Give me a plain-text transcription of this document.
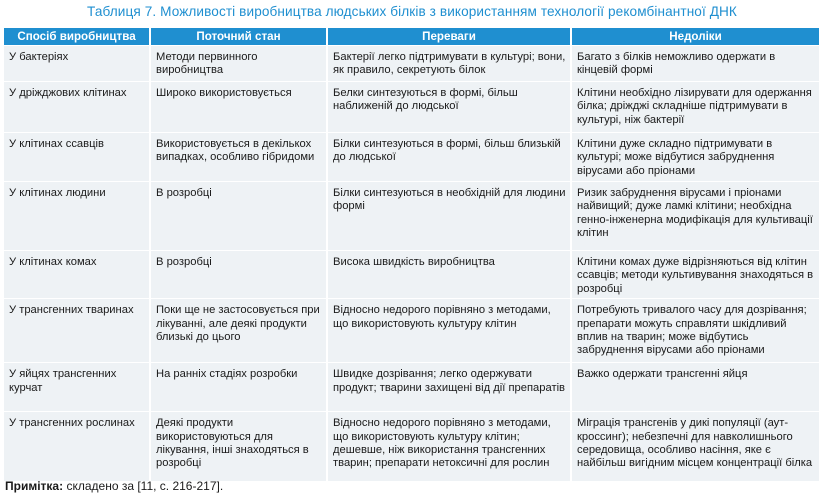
Таблиця 7. Можливості виробництва людських білків з використанням технології рекомбінантної ДНК
Спосіб виробництва	Поточний стан	Переваги	Недоліки
У бактеріях	Методи первинного виробництва	Бактерії легко підтримувати в культурі; вони, як правило, секретують білок	Багато з білків неможливо одержати в кінцевій формі
У дріжджових клітинах	Широко використовується	Белки синтезуються в формі, більш наближеній до людської	Клітини необхідно лізирувати для одержання білка; дріжджі складніше підтримувати в культурі, ніж бактерії
У клітинах ссавців	Використовується в декількох випадках, особливо гібридоми	Білки синтезуються в формі, більш близькій до людської	Клітини дуже складно підтримувати в культурі; може відбутися забруднення вірусами або пріонами
У клітинах людини	В розробці	Білки синтезуються в необхідній для людини формі	Ризик забруднення вірусами і пріонами найвищий; дуже ламкі клітини; необхідна генно-інженерна модифікація для культивації клітин
У клітинах комах	В розробці	Висока швидкість виробництва	Клітини комах дуже відрізняються від клітин ссавців; методи культивування знаходяться в розробці
У трансгенних тваринах	Поки ще не застосовується при лікуванні, але деякі продукти близькі до цього	Відносно недорого порівняно з методами, що використовують культуру клітин	Потребують тривалого часу для дозрівання; препарати можуть справляти шкідливий вплив на тварин; може відбутись забруднення вірусами або пріонами
У яйцях трансгенних курчат	На ранніх стадіях розробки	Швидке дозрівання; легко одержувати продукт; тварини захищені від дії препаратів	Важко одержати трансгенні яйця
У трансгенних рослинах	Деякі продукти використовуються для лікування, інші знаходяться в розробці	Відносно недорого порівняно з методами, що використовують культуру клітин; дешевше, ніж використання трансгенних тварин; препарати нетоксичні для рослин	Міграція трансгенів у дикі популяції (аут-кроссинг); небезпечні для навколишнього середовища, особливо насіння, яке є найбільш вигідним місцем концентрації білка
Примітка: складено за [11, с. 216-217].
